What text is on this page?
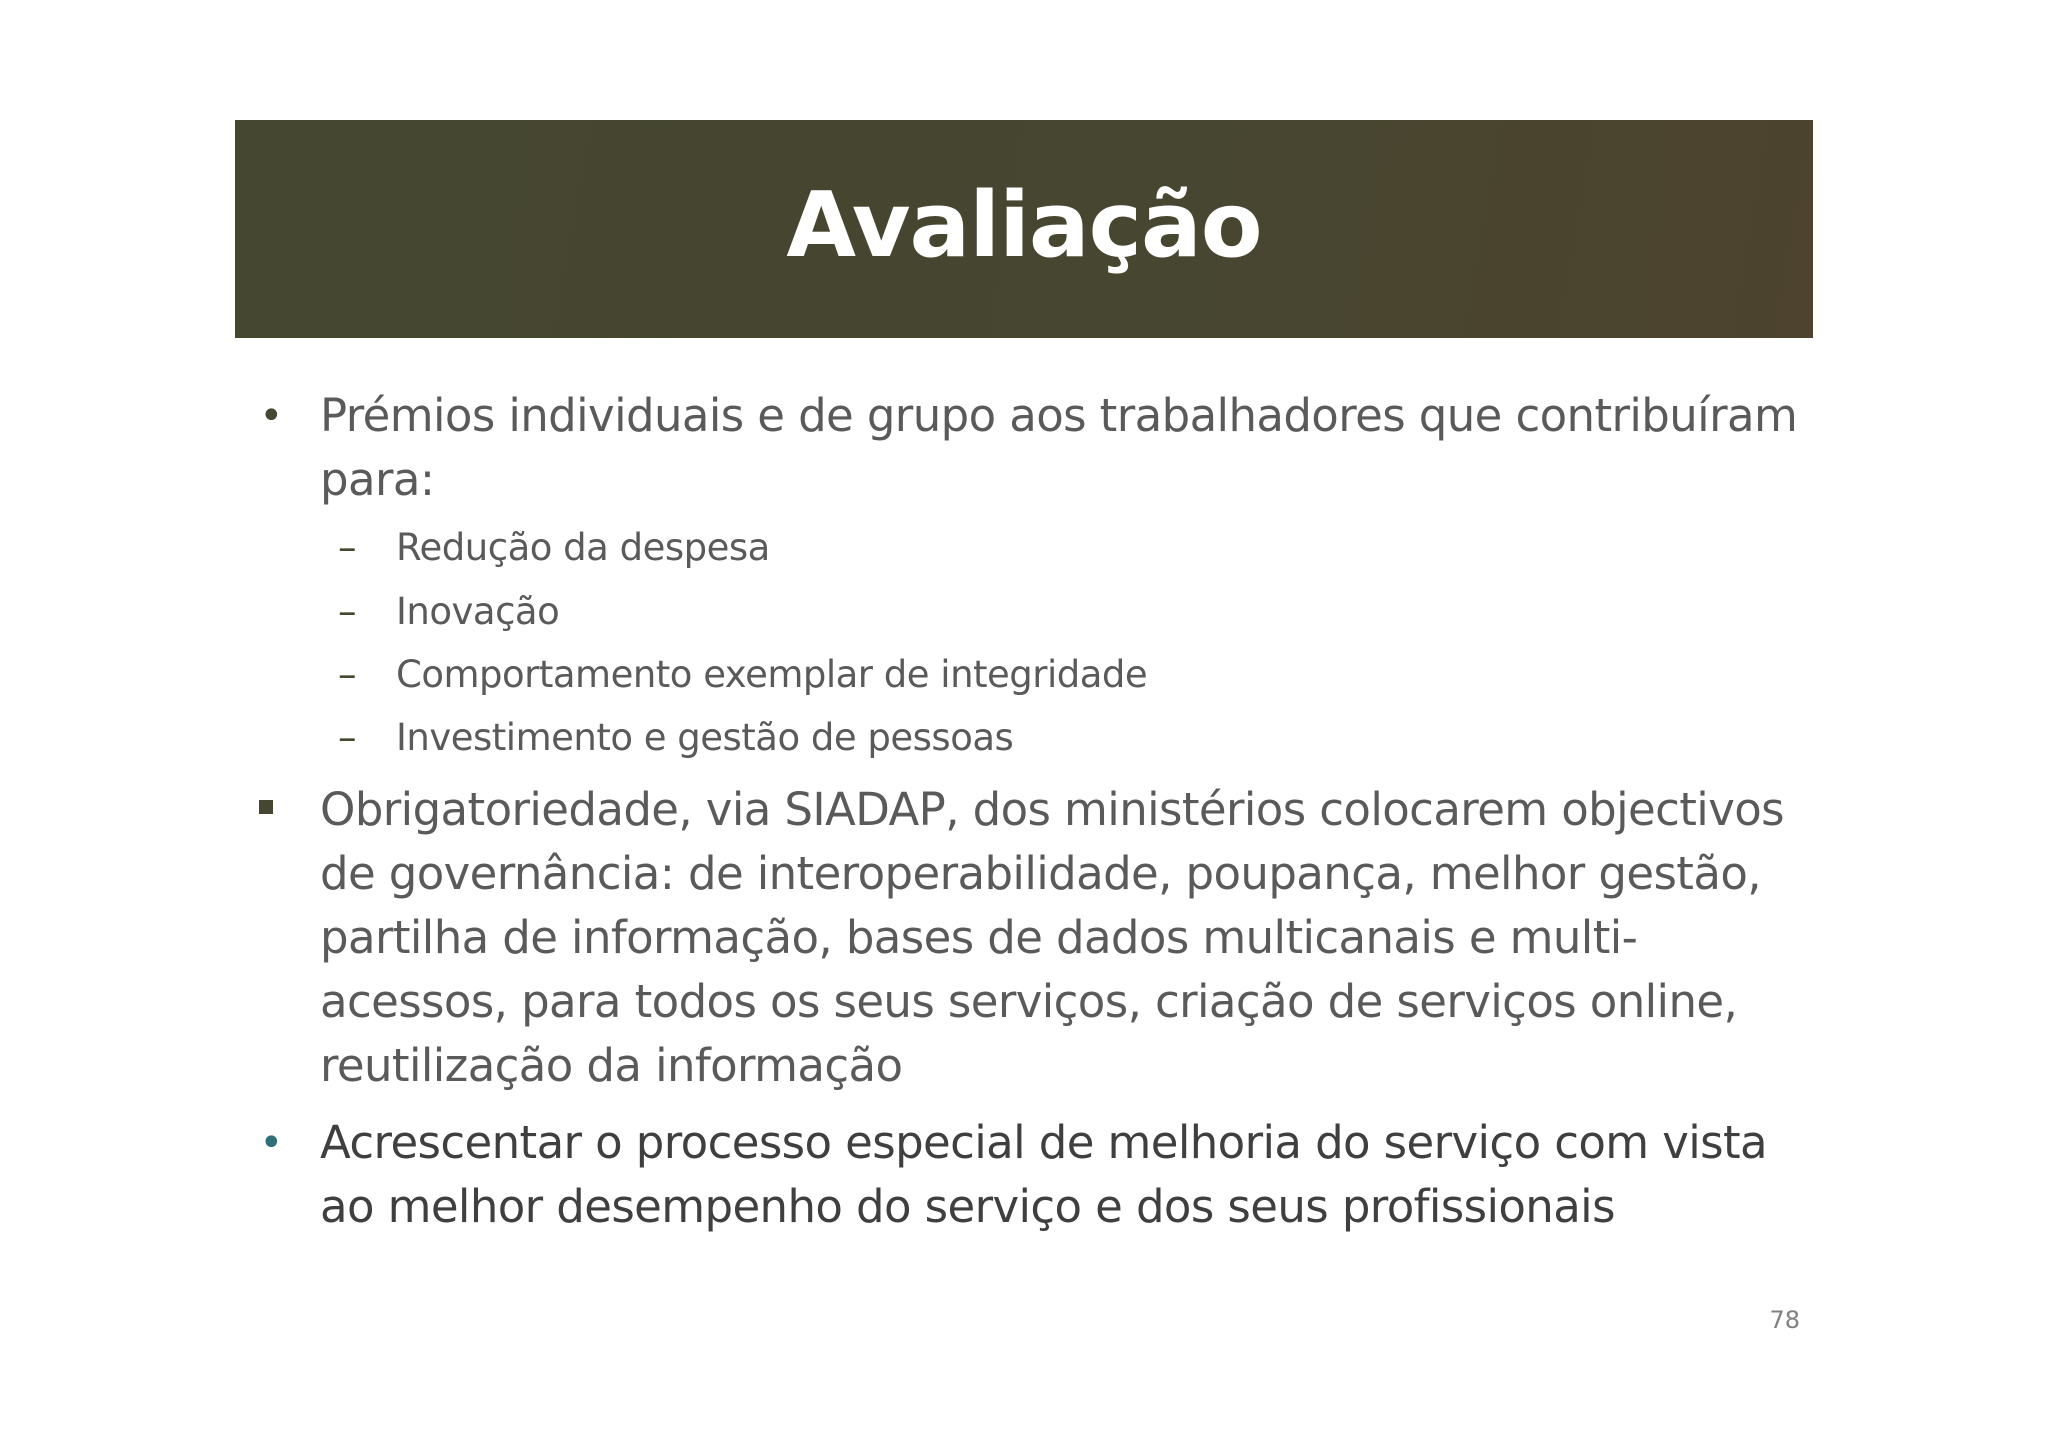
Avaliação
• Prémios individuais e de grupo aos trabalhadores que contribuíram para:
– Redução da despesa
– Inovação
– Comportamento exemplar de integridade
– Investimento e gestão de pessoas
Obrigatoriedade, via SIADAP, dos ministérios colocarem objectivos de governância: de interoperabilidade, poupança, melhor gestão, partilha de informação, bases de dados multicanais e multi-acessos, para todos os seus serviços, criação de serviços online, reutilização da informação
• Acrescentar o processo especial de melhoria do serviço com vista ao melhor desempenho do serviço e dos seus profissionais
78
